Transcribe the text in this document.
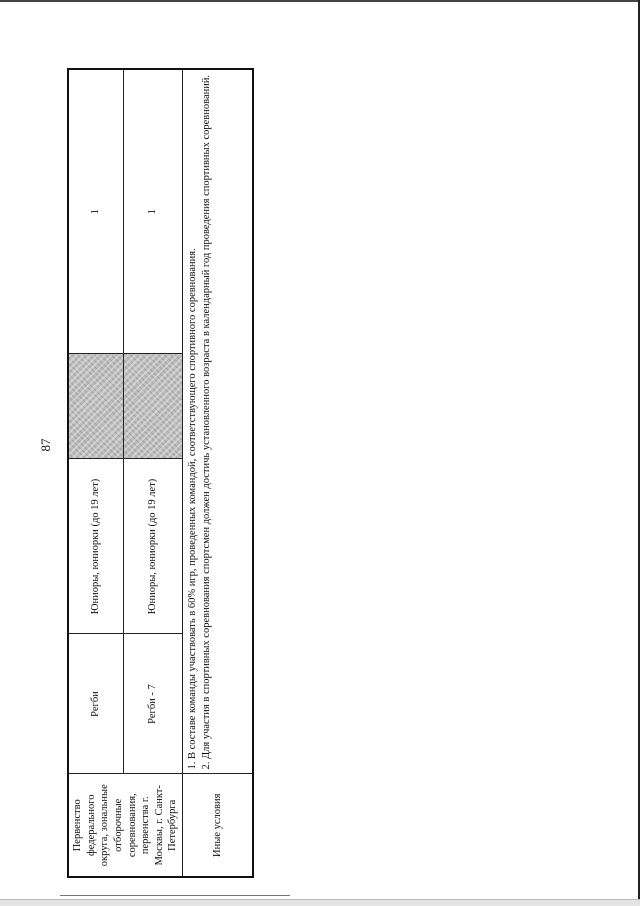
87
Первенство федерального округа, зональные отборочные соревнования, первенства г. Москвы, г. Санкт-Петербурга	Регби	Юниоры, юниорки (до 19 лет)		1
	Регби - 7	Юниоры, юниорки (до 19 лет)		1
Иные условия	1. В составе команды участвовать в 60% игр, проведенных командой, соответствующего спортивного соревнования. 2. Для участия в спортивных соревнования спортсмен должен достичь установленного возраста в календарный год проведения спортивных соревнований.			
